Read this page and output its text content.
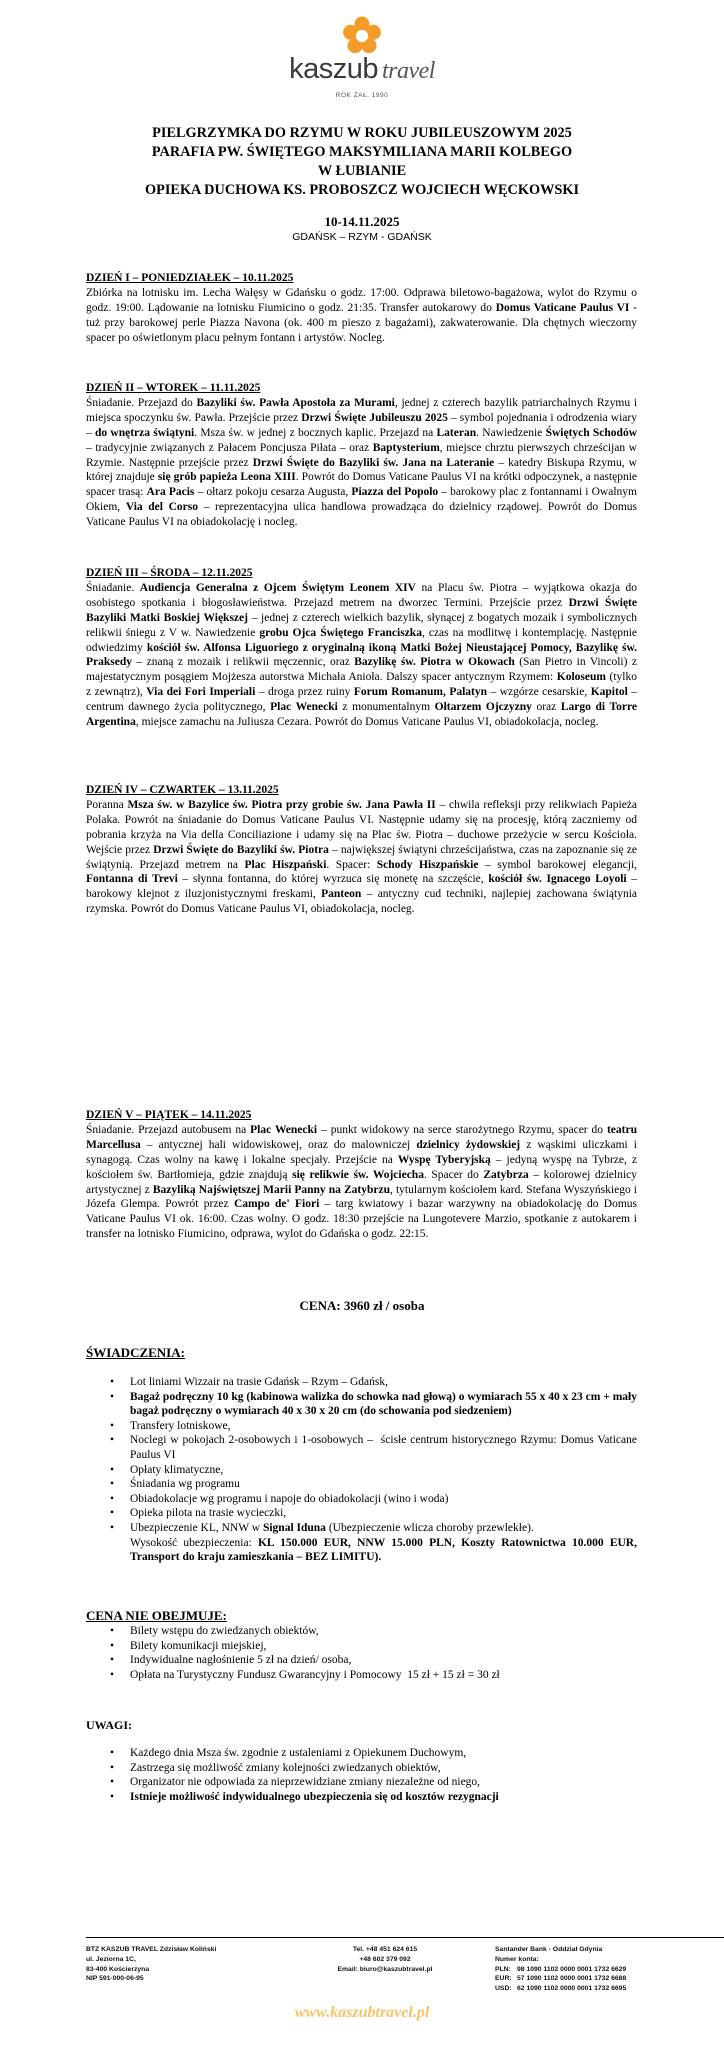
kaszub travel
ROK ZAŁ. 1990
PIELGRZYMKA DO RZYMU W ROKU JUBILEUSZOWYM 2025
PARAFIA PW. ŚWIĘTEGO MAKSYMILIANA MARII KOLBEGO
W ŁUBIANIE
OPIEKA DUCHOWA KS. PROBOSZCZ WOJCIECH WĘCKOWSKI
10-14.11.2025
GDAŃSK – RZYM - GDAŃSK
DZIEŃ I – PONIEDZIAŁEK – 10.11.2025

Zbiórka na lotnisku im. Lecha Wałęsy w Gdańsku o godz. 17:00. Odprawa biletowo-bagażowa, wylot do Rzymu o godz. 19:00. Lądowanie na lotnisku Fiumicino o godz. 21:35. Transfer autokarowy do Domus Vaticane Paulus VI - tuż przy barokowej perle Piazza Navona (ok. 400 m pieszo z bagażami), zakwaterowanie. Dla chętnych wieczorny spacer po oświetlonym placu pełnym fontann i artystów. Nocleg.

DZIEŃ II – WTOREK – 11.11.2025

Śniadanie. Przejazd do Bazyliki św. Pawła Apostoła za Murami, jednej z czterech bazylik patriarchalnych Rzymu i miejsca spoczynku św. Pawła. Przejście przez Drzwi Święte Jubileuszu 2025 – symbol pojednania i odrodzenia wiary – do wnętrza świątyni. Msza św. w jednej z bocznych kaplic. Przejazd na Lateran. Nawiedzenie Świętych Schodów – tradycyjnie związanych z Pałacem Poncjusza Piłata – oraz Baptysterium, miejsce chrztu pierwszych chrześcijan w Rzymie. Następnie przejście przez Drzwi Święte do Bazyliki św. Jana na Lateranie – katedry Biskupa Rzymu, w której znajduje się grób papieża Leona XIII. Powrót do Domus Vaticane Paulus VI na krótki odpoczynek, a następnie spacer trasą: Ara Pacis – ołtarz pokoju cesarza Augusta, Piazza del Popolo – barokowy plac z fontannami i Owalnym Okiem, Via del Corso – reprezentacyjna ulica handlowa prowadząca do dzielnicy rządowej. Powrót do Domus Vaticane Paulus VI na obiadokolację i nocleg.

DZIEŃ III – ŚRODA – 12.11.2025

Śniadanie. Audiencja Generalna z Ojcem Świętym Leonem XIV na Placu św. Piotra – wyjątkowa okazja do osobistego spotkania i błogosławieństwa. Przejazd metrem na dworzec Termini. Przejście przez Drzwi Święte Bazyliki Matki Boskiej Większej – jednej z czterech wielkich bazylik, słynącej z bogatych mozaik i symbolicznych relikwii śniegu z V w. Nawiedzenie grobu Ojca Świętego Franciszka, czas na modlitwę i kontemplację. Następnie odwiedzimy kościół św. Alfonsa Liguoriego z oryginalną ikoną Matki Bożej Nieustającej Pomocy, Bazylikę św. Praksedy – znaną z mozaik i relikwii męczennic, oraz Bazylikę św. Piotra w Okowach (San Pietro in Vincoli) z majestatycznym posągiem Mojżesza autorstwa Michała Anioła. Dalszy spacer antycznym Rzymem: Koloseum (tylko z zewnątrz), Via dei Fori Imperiali – droga przez ruiny Forum Romanum, Palatyn – wzgórze cesarskie, Kapitol – centrum dawnego życia politycznego, Plac Wenecki z monumentalnym Ołtarzem Ojczyzny oraz Largo di Torre Argentina, miejsce zamachu na Juliusza Cezara. Powrót do Domus Vaticane Paulus VI, obiadokolacja, nocleg.

DZIEŃ IV – CZWARTEK – 13.11.2025

Poranna Msza św. w Bazylice św. Piotra przy grobie św. Jana Pawła II – chwila refleksji przy relikwiach Papieża Polaka. Powrót na śniadanie do Domus Vaticane Paulus VI. Następnie udamy się na procesję, którą zaczniemy od pobrania krzyża na Via della Conciliazione i udamy się na Plac św. Piotra – duchowe przeżycie w sercu Kościoła. Wejście przez Drzwi Święte do Bazyliki św. Piotra – największej świątyni chrześcijaństwa, czas na zapoznanie się ze świątynią. Przejazd metrem na Plac Hiszpański. Spacer: Schody Hiszpańskie – symbol barokowej elegancji, Fontanna di Trevi – słynna fontanna, do której wyrzuca się monetę na szczęście, kościół św. Ignacego Loyoli – barokowy klejnot z iluzjonistycznymi freskami, Panteon – antyczny cud techniki, najlepiej zachowana świątynia rzymska. Powrót do Domus Vaticane Paulus VI, obiadokolacja, nocleg.

DZIEŃ V – PIĄTEK – 14.11.2025

Śniadanie. Przejazd autobusem na Plac Wenecki – punkt widokowy na serce starożytnego Rzymu, spacer do teatru Marcellusa – antycznej hali widowiskowej, oraz do malowniczej dzielnicy żydowskiej z wąskimi uliczkami i synagogą. Czas wolny na kawę i lokalne specjały. Przejście na Wyspę Tyberyjską – jedyną wyspę na Tybrze, z kościołem św. Bartłomieja, gdzie znajdują się relikwie św. Wojciecha. Spacer do Zatybrza – kolorowej dzielnicy artystycznej z Bazyliką Najświętszej Marii Panny na Zatybrzu, tytularnym kościołem kard. Stefana Wyszyńskiego i Józefa Glempa. Powrót przez Campo de' Fiori – targ kwiatowy i bazar warzywny na obiadokolację do Domus Vaticane Paulus VI ok. 16:00. Czas wolny. O godz. 18:30 przejście na Lungotevere Marzio, spotkanie z autokarem i transfer na lotnisko Fiumicino, odprawa, wylot do Gdańska o godz. 22:15.

CENA: 3960 zł / osoba
ŚWIADCZENIA:
• Lot liniami Wizzair na trasie Gdańsk – Rzym – Gdańsk,
• Bagaż podręczny 10 kg (kabinowa walizka do schowka nad głową) o wymiarach 55 x 40 x 23 cm + mały bagaż podręczny o wymiarach 40 x 30 x 20 cm (do schowania pod siedzeniem)
• Transfery lotniskowe,
• Noclegi w pokojach 2-osobowych i 1-osobowych –  ścisłe centrum historycznego Rzymu: Domus Vaticane Paulus VI
• Opłaty klimatyczne,
• Śniadania wg programu
• Obiadokolacje wg programu i napoje do obiadokolacji (wino i woda)
• Opieka pilota na trasie wycieczki,
• Ubezpieczenie KL, NNW w Signal Iduna (Ubezpieczenie wlicza choroby przewlekłe).
Wysokość ubezpieczenia: KL 150.000 EUR, NNW 15.000 PLN, Koszty Ratownictwa 10.000 EUR, Transport do kraju zamieszkania – BEZ LIMITU).
CENA NIE OBEJMUJE:
• Bilety wstępu do zwiedzanych obiektów,
• Bilety komunikacji miejskiej,
• Indywidualne nagłośnienie 5 zł na dzień/ osoba,
• Opłata na Turystyczny Fundusz Gwarancyjny i Pomocowy  15 zł + 15 zł = 30 zł
UWAGI:
• Każdego dnia Msza św. zgodnie z ustaleniami z Opiekunem Duchowym,
• Zastrzega się możliwość zmiany kolejności zwiedzanych obiektów,
• Organizator nie odpowiada za nieprzewidziane zmiany niezależne od niego,
• Istnieje możliwość indywidualnego ubezpieczenia się od kosztów rezygnacji
BTZ KASZUB TRAVEL Zdzisław Koliński
ul. Jeziorna 1C,
83-400 Kościerzyna
NIP 591-000-06-95
Tel. +48 451 624 615
+48 602 379 092
Email: biuro@kaszubtravel.pl
Santander Bank - Oddział Gdynia
Numer konta:
PLN: 98 1090 1102 0000 0001 1732 6629
EUR: 57 1090 1102 0000 0001 1732 6688
USD: 62 1090 1102 0000 0001 1732 6695
www.kaszubtravel.pl
